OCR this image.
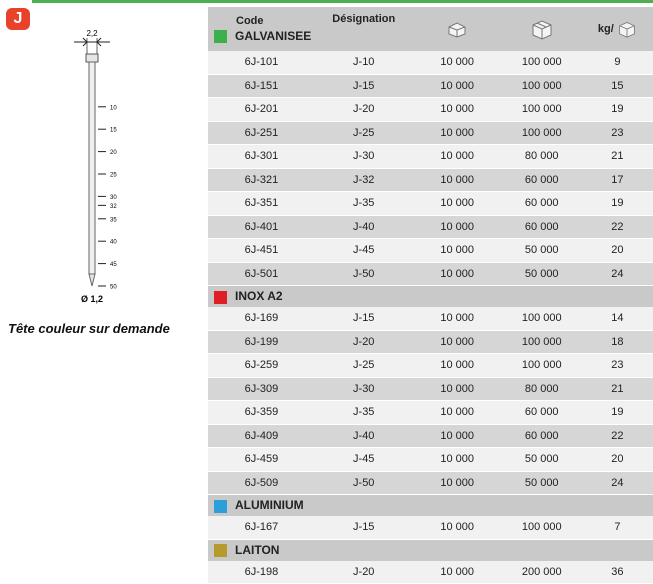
J
2,2
10
15
20
25
30
32
35
40
45
50
Ø 1,2
Tête couleur sur demande
Code
GALVANISEE	Désignation			kg/
6J-101	J-10	10 000	100 000	9
6J-151	J-15	10 000	100 000	15
6J-201	J-20	10 000	100 000	19
6J-251	J-25	10 000	100 000	23
6J-301	J-30	10 000	80 000	21
6J-321	J-32	10 000	60 000	17
6J-351	J-35	10 000	60 000	19
6J-401	J-40	10 000	60 000	22
6J-451	J-45	10 000	50 000	20
6J-501	J-50	10 000	50 000	24
INOX A2				
6J-169	J-15	10 000	100 000	14
6J-199	J-20	10 000	100 000	18
6J-259	J-25	10 000	100 000	23
6J-309	J-30	10 000	80 000	21
6J-359	J-35	10 000	60 000	19
6J-409	J-40	10 000	60 000	22
6J-459	J-45	10 000	50 000	20
6J-509	J-50	10 000	50 000	24
ALUMINIUM				
6J-167	J-15	10 000	100 000	7
LAITON				
6J-198	J-20	10 000	200 000	36
